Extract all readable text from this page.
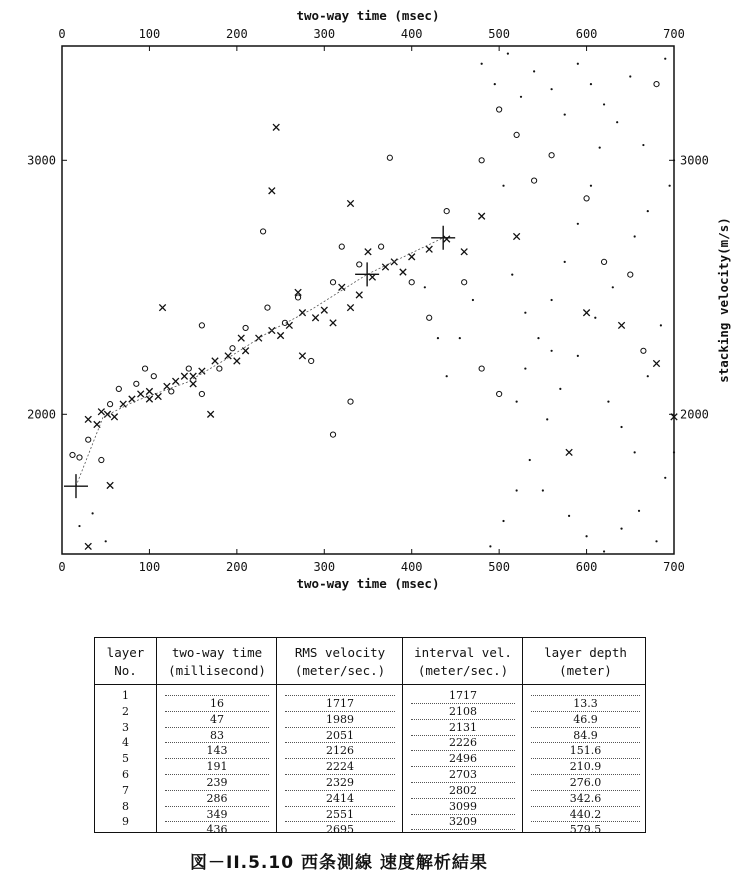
0
0
100
100
200
200
300
300
400
400
500
500
600
600
700
700
2000	2000
3000	3000
two-way time (msec)
two-way time (msec)
stacking velocity(m/s)
layer
No.
1
2
3
4
5
6
7
8
9
two-way time
(millisecond)
16
47
83
143
191
239
286
349
436
RMS velocity
(meter/sec.)
1717
1989
2051
2126
2224
2329
2414
2551
2695
interval vel.
(meter/sec.)
1717
2108
2131
2226
2496
2703
2802
3099
3209
layer depth
(meter)
13.3
46.9
84.9
151.6
210.9
276.0
342.6
440.2
579.5
図－II.5.10 西条測線 速度解析結果
